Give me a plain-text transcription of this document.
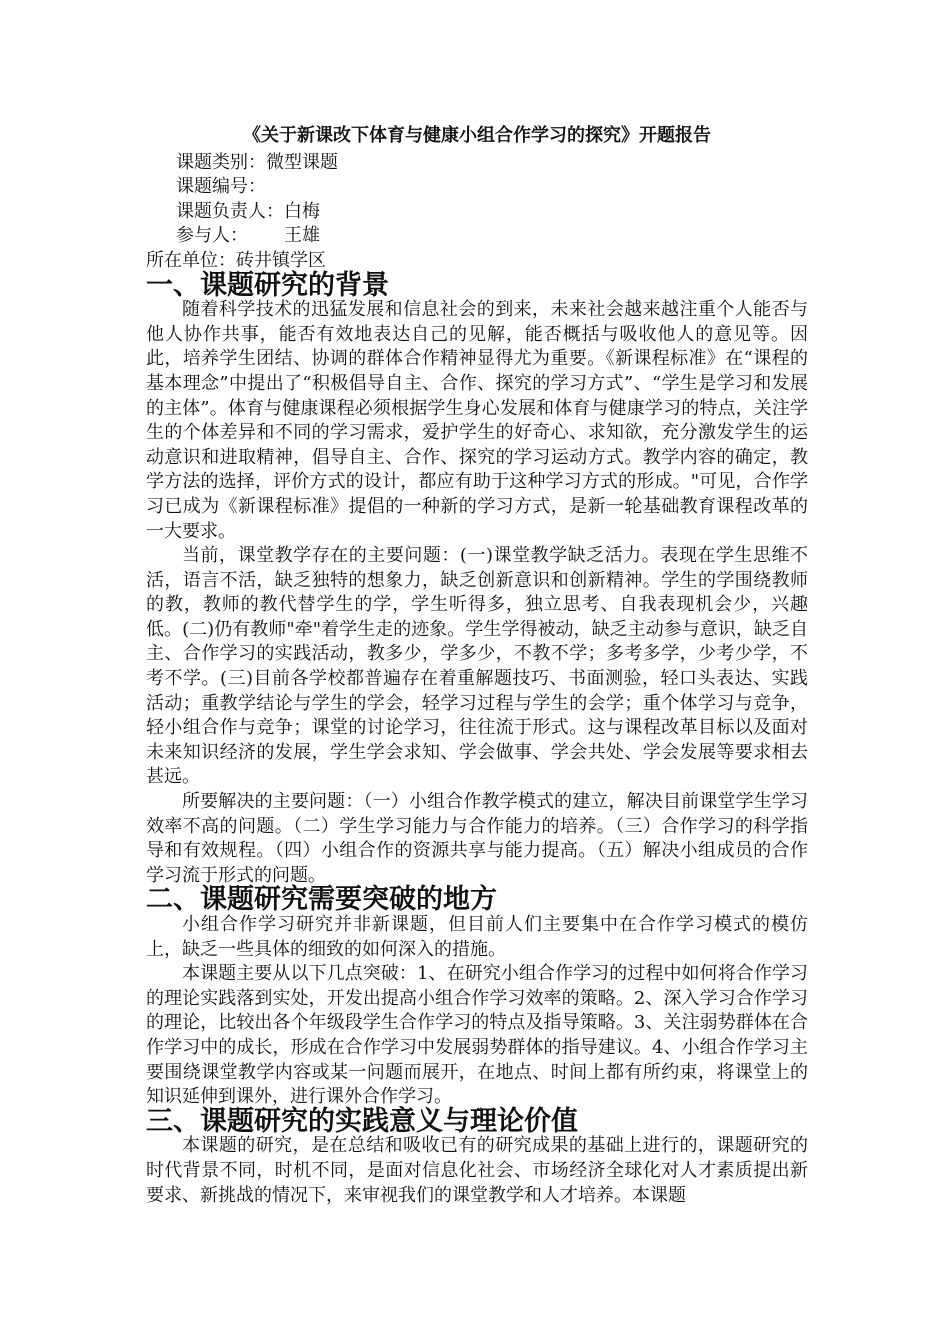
《关于新课改下体育与健康小组合作学习的探究》开题报告

课题类别：微型课题

课题编号：

课题负责人：白梅

参与人： 王雄

所在单位：砖井镇学区

一、课题研究的背景

随着科学技术的迅猛发展和信息社会的到来，未来社会越来越注重个人能否与他人协作共事，能否有效地表达自己的见解，能否概括与吸收他人的意见等。因此，培养学生团结、协调的群体合作精神显得尤为重要。《新课程标准》在“课程的基本理念”中提出了“积极倡导自主、合作、探究的学习方式”、“学生是学习和发展的主体”。体育与健康课程必须根据学生身心发展和体育与健康学习的特点，关注学生的个体差异和不同的学习需求，爱护学生的好奇心、求知欲，充分激发学生的运动意识和进取精神，倡导自主、合作、探究的学习运动方式。教学内容的确定，教学方法的选择，评价方式的设计，都应有助于这种学习方式的形成。"可见，合作学习已成为《新课程标准》提倡的一种新的学习方式，是新一轮基础教育课程改革的一大要求。

当前，课堂教学存在的主要问题：(一)课堂教学缺乏活力。表现在学生思维不活，语言不活，缺乏独特的想象力，缺乏创新意识和创新精神。学生的学围绕教师的教，教师的教代替学生的学，学生听得多，独立思考、自我表现机会少，兴趣低。(二)仍有教师"牵"着学生走的迹象。学生学得被动，缺乏主动参与意识，缺乏自主、合作学习的实践活动，教多少，学多少，不教不学；多考多学，少考少学，不考不学。(三)目前各学校都普遍存在着重解题技巧、书面测验，轻口头表达、实践活动；重教学结论与学生的学会，轻学习过程与学生的会学；重个体学习与竞争，轻小组合作与竞争；课堂的讨论学习，往往流于形式。这与课程改革目标以及面对未来知识经济的发展，学生学会求知、学会做事、学会共处、学会发展等要求相去甚远。

所要解决的主要问题：（一）小组合作教学模式的建立，解决目前课堂学生学习效率不高的问题。（二）学生学习能力与合作能力的培养。（三）合作学习的科学指导和有效规程。（四）小组合作的资源共享与能力提高。（五）解决小组成员的合作学习流于形式的问题。

二、课题研究需要突破的地方

小组合作学习研究并非新课题，但目前人们主要集中在合作学习模式的模仿上，缺乏一些具体的细致的如何深入的措施。

本课题主要从以下几点突破：1、在研究小组合作学习的过程中如何将合作学习的理论实践落到实处，开发出提高小组合作学习效率的策略。2、深入学习合作学习的理论，比较出各个年级段学生合作学习的特点及指导策略。3、关注弱势群体在合作学习中的成长，形成在合作学习中发展弱势群体的指导建议。4、小组合作学习主要围绕课堂教学内容或某一问题而展开，在地点、时间上都有所约束，将课堂上的知识延伸到课外，进行课外合作学习。

三、课题研究的实践意义与理论价值

本课题的研究，是在总结和吸收已有的研究成果的基础上进行的，课题研究的时代背景不同，时机不同，是面对信息化社会、市场经济全球化对人才素质提出新要求、新挑战的情况下，来审视我们的课堂教学和人才培养。本课题
